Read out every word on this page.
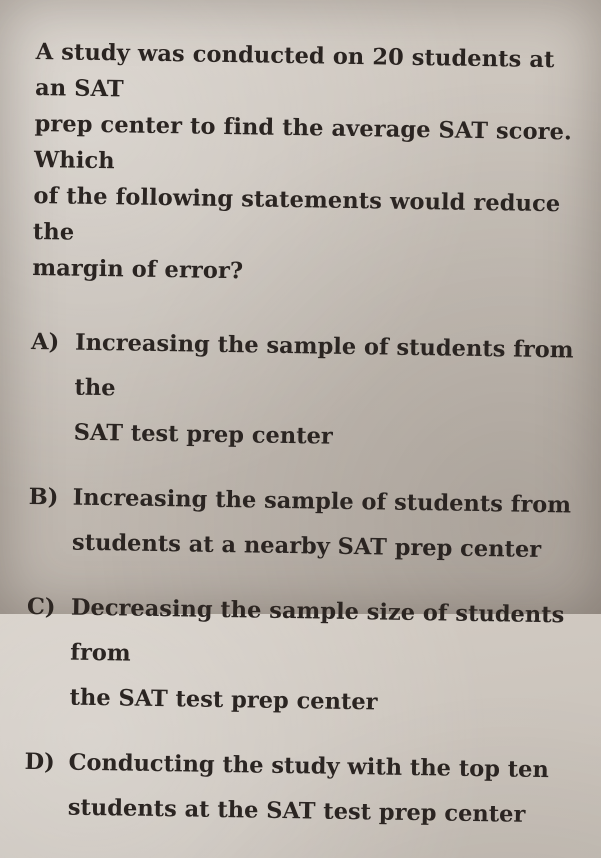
A study was conducted on 20 students at an SAT
prep center to find the average SAT score. Which
of the following statements would reduce the
margin of error?

A) Increasing the sample of students from the
SAT test prep center
B) Increasing the sample of students from
students at a nearby SAT prep center
C) Decreasing the sample size of students from
the SAT test prep center
D) Conducting the study with the top ten
students at the SAT test prep center
